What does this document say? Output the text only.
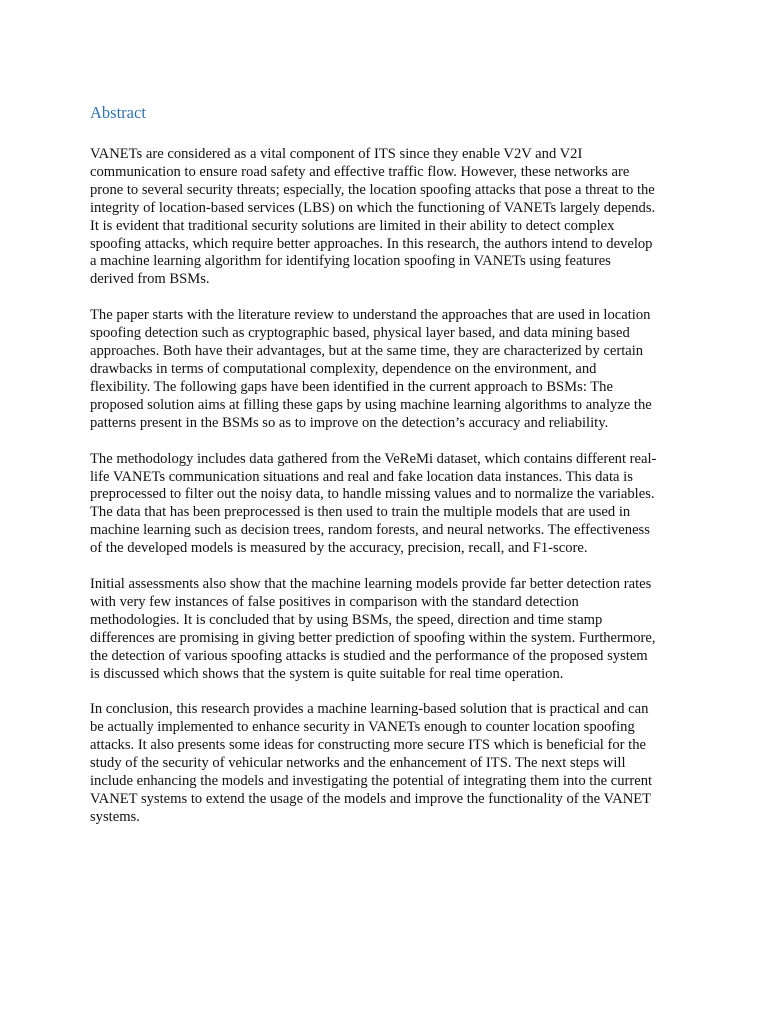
Abstract

VANETs are considered as a vital component of ITS since they enable V2V and V2I
communication to ensure road safety and effective traffic flow. However, these networks are
prone to several security threats; especially, the location spoofing attacks that pose a threat to the
integrity of location-based services (LBS) on which the functioning of VANETs largely depends.
It is evident that traditional security solutions are limited in their ability to detect complex
spoofing attacks, which require better approaches. In this research, the authors intend to develop
a machine learning algorithm for identifying location spoofing in VANETs using features
derived from BSMs.

The paper starts with the literature review to understand the approaches that are used in location
spoofing detection such as cryptographic based, physical layer based, and data mining based
approaches. Both have their advantages, but at the same time, they are characterized by certain
drawbacks in terms of computational complexity, dependence on the environment, and
flexibility. The following gaps have been identified in the current approach to BSMs: The
proposed solution aims at filling these gaps by using machine learning algorithms to analyze the
patterns present in the BSMs so as to improve on the detection’s accuracy and reliability.

The methodology includes data gathered from the VeReMi dataset, which contains different real-
life VANETs communication situations and real and fake location data instances. This data is
preprocessed to filter out the noisy data, to handle missing values and to normalize the variables.
The data that has been preprocessed is then used to train the multiple models that are used in
machine learning such as decision trees, random forests, and neural networks. The effectiveness
of the developed models is measured by the accuracy, precision, recall, and F1-score.

Initial assessments also show that the machine learning models provide far better detection rates
with very few instances of false positives in comparison with the standard detection
methodologies. It is concluded that by using BSMs, the speed, direction and time stamp
differences are promising in giving better prediction of spoofing within the system. Furthermore,
the detection of various spoofing attacks is studied and the performance of the proposed system
is discussed which shows that the system is quite suitable for real time operation.

In conclusion, this research provides a machine learning-based solution that is practical and can
be actually implemented to enhance security in VANETs enough to counter location spoofing
attacks. It also presents some ideas for constructing more secure ITS which is beneficial for the
study of the security of vehicular networks and the enhancement of ITS. The next steps will
include enhancing the models and investigating the potential of integrating them into the current
VANET systems to extend the usage of the models and improve the functionality of the VANET
systems.
